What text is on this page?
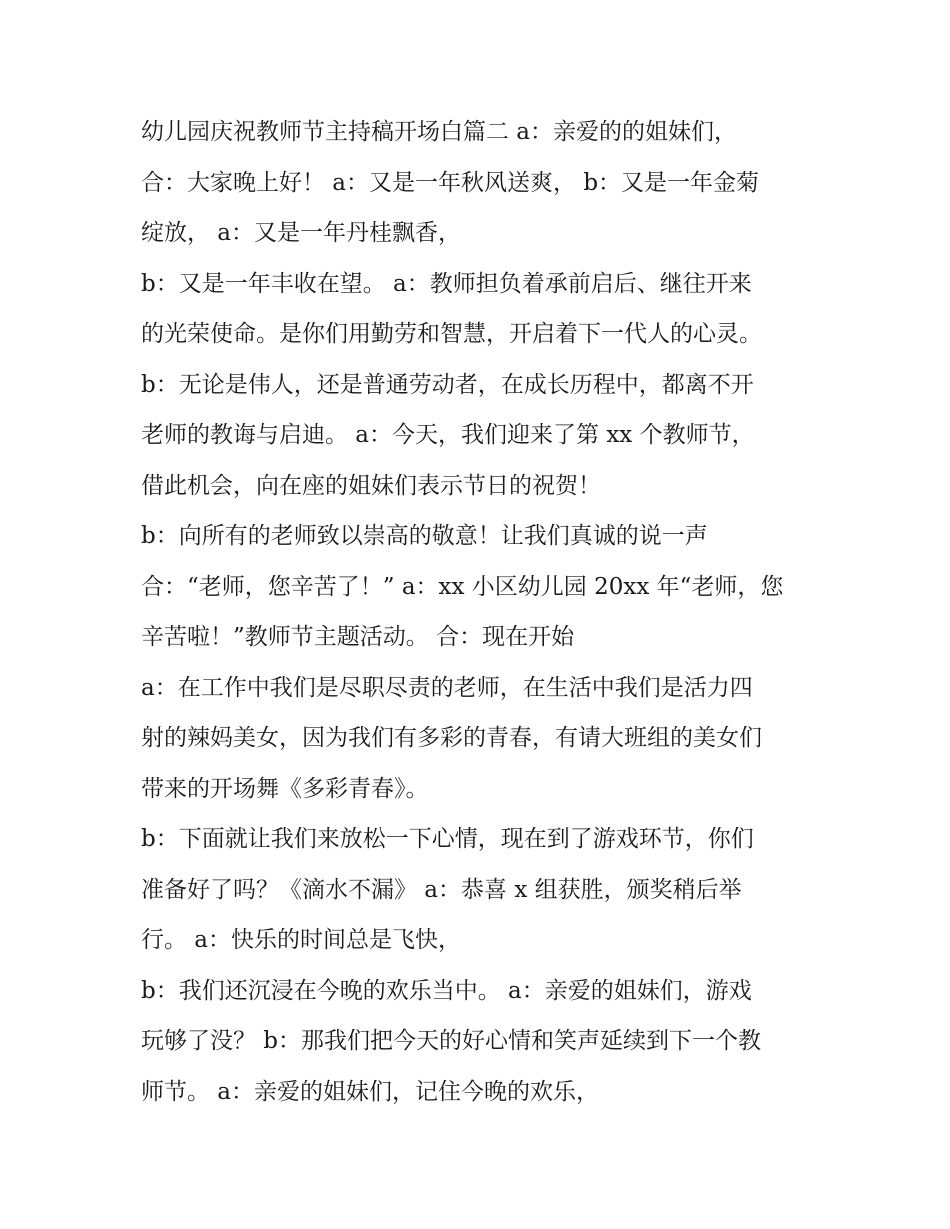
幼儿园庆祝教师节主持稿开场白篇二 a：亲爱的的姐妹们，
合：大家晚上好！ a：又是一年秋风送爽， b：又是一年金菊
绽放， a：又是一年丹桂飘香，
b：又是一年丰收在望。 a：教师担负着承前启后、继往开来
的光荣使命。是你们用勤劳和智慧，开启着下一代人的心灵。
b：无论是伟人，还是普通劳动者，在成长历程中，都离不开
老师的教诲与启迪。 a：今天，我们迎来了第 xx 个教师节，
借此机会，向在座的姐妹们表示节日的祝贺！
b：向所有的老师致以崇高的敬意！让我们真诚的说一声
合：“老师，您辛苦了！” a：xx 小区幼儿园 20xx 年“老师，您
辛苦啦！”教师节主题活动。 合：现在开始
a：在工作中我们是尽职尽责的老师，在生活中我们是活力四
射的辣妈美女，因为我们有多彩的青春，有请大班组的美女们
带来的开场舞《多彩青春》。
b：下面就让我们来放松一下心情，现在到了游戏环节，你们
准备好了吗？《滴水不漏》 a：恭喜 x 组获胜，颁奖稍后举
行。 a：快乐的时间总是飞快，
b：我们还沉浸在今晚的欢乐当中。 a：亲爱的姐妹们，游戏
玩够了没？ b：那我们把今天的好心情和笑声延续到下一个教
师节。 a：亲爱的姐妹们，记住今晚的欢乐，
